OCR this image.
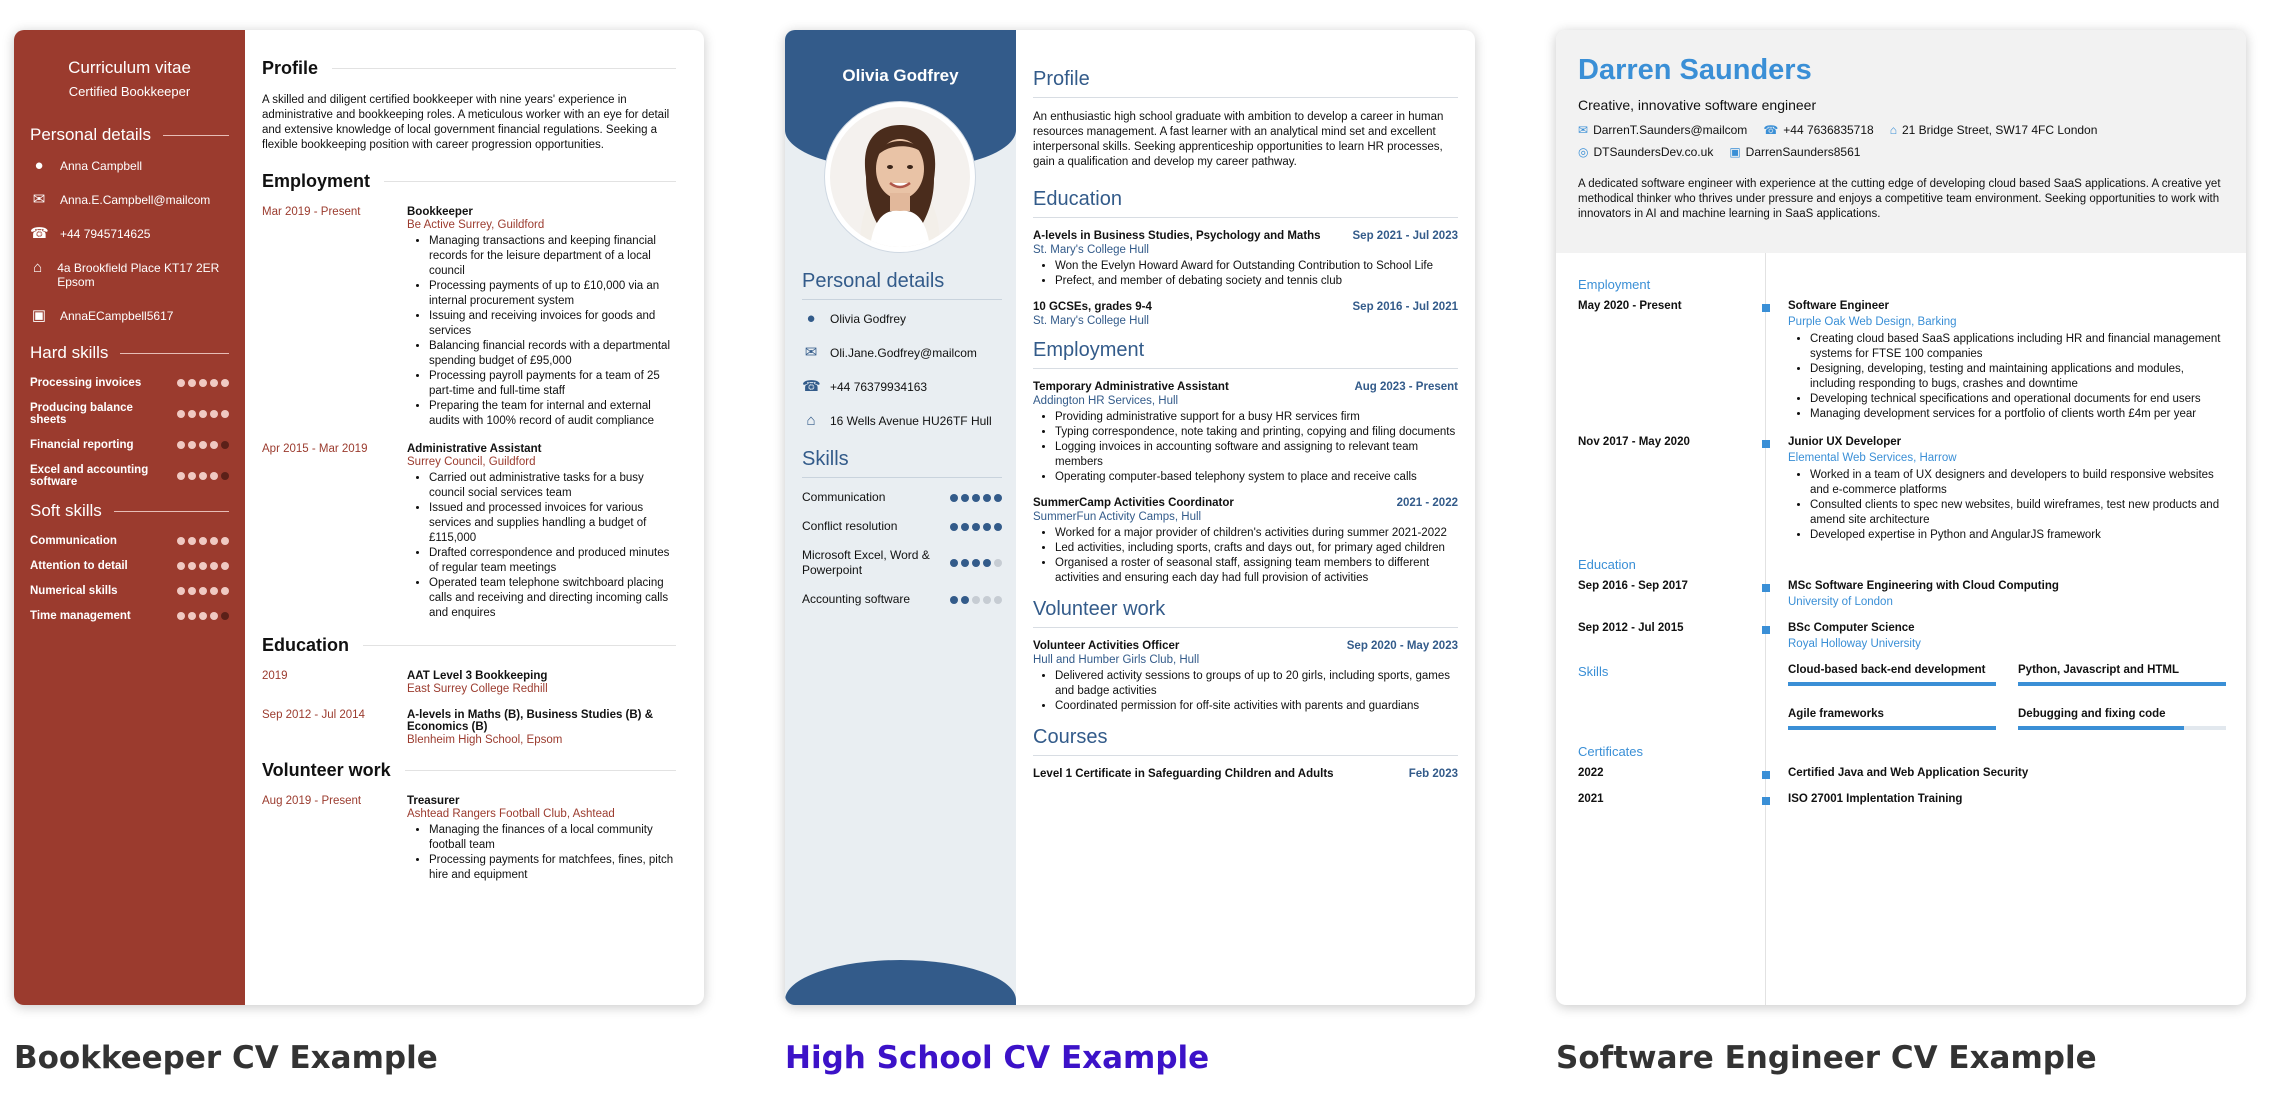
Curriculum vitae
Certified Bookkeeper
Personal details
●	Anna Campbell
✉ Anna.E.Campbell@mailcom
☎ +44 7945714625
⌂ 4a Brookfield Place KT17 2ER Epsom
▣ AnnaECampbell5617
Hard skills
Processing invoices
Producing balance sheets
Financial reporting
Excel and accounting software
Soft skills
Communication
Attention to detail
Numerical skills
Time management
Profile
A skilled and diligent certified bookkeeper with nine years' experience in administrative and bookkeeping roles. A meticulous worker with an eye for detail and extensive knowledge of local government financial regulations. Seeking a flexible bookkeeping position with career progression opportunities.
Employment
Mar 2019 - Present	Bookkeeper
Be Active Surrey, Guildford
• Managing transactions and keeping financial records for the leisure department of a local council
• Processing payments of up to £10,000 via an internal procurement system
• Issuing and receiving invoices for goods and services
• Balancing financial records with a departmental spending budget of £95,000
• Processing payroll payments for a team of 25 part-time and full-time staff
• Preparing the team for internal and external audits with 100% record of audit compliance
Apr 2015 - Mar 2019	Administrative Assistant
Surrey Council, Guildford
• Carried out administrative tasks for a busy council social services team
• Issued and processed invoices for various services and supplies handling a budget of £115,000
• Drafted correspondence and produced minutes of regular team meetings
• Operated team telephone switchboard placing calls and receiving and directing incoming calls and enquires
Education
2019	AAT Level 3 Bookkeeping
East Surrey College Redhill
Sep 2012 - Jul 2014	A-levels in Maths (B), Business Studies (B) & Economics (B)
Blenheim High School, Epsom
Volunteer work
Aug 2019 - Present	Treasurer
Ashtead Rangers Football Club, Ashtead
• Managing the finances of a local community football team
• Processing payments for matchfees, fines, pitch hire and equipment
Bookkeeper CV Example
Olivia Godfrey
Personal details
●	Olivia Godfrey
✉ Oli.Jane.Godfrey@mailcom
☎ +44 76379934163
⌂	16 Wells Avenue HU26TF Hull
Skills
Communication
Conflict resolution
Microsoft Excel, Word & Powerpoint
Accounting software
Profile
An enthusiastic high school graduate with ambition to develop a career in human resources management. A fast learner with an analytical mind set and excellent interpersonal skills. Seeking apprenticeship opportunities to learn HR processes, gain a qualification and develop my career pathway.
Education
A-levels in Business Studies, Psychology and Maths	Sep 2021 - Jul 2023
St. Mary's College Hull
• Won the Evelyn Howard Award for Outstanding Contribution to School Life
• Prefect, and member of debating society and tennis club
10 GCSEs, grades 9-4	Sep 2016 - Jul 2021
St. Mary's College Hull
Employment
Temporary Administrative Assistant	Aug 2023 - Present
Addington HR Services, Hull
• Providing administrative support for a busy HR services firm
• Typing correspondence, note taking and printing, copying and filing documents
• Logging invoices in accounting software and assigning to relevant team members
• Operating computer-based telephony system to place and receive calls
SummerCamp Activities Coordinator	2021 - 2022
SummerFun Activity Camps, Hull
• Worked for a major provider of children's activities during summer 2021-2022
• Led activities, including sports, crafts and days out, for primary aged children
• Organised a roster of seasonal staff, assigning team members to different activities and ensuring each day had full provision of activities
Volunteer work
Volunteer Activities Officer	Sep 2020 - May 2023
Hull and Humber Girls Club, Hull
• Delivered activity sessions to groups of up to 20 girls, including sports, games and badge activities
• Coordinated permission for off-site activities with parents and guardians
Courses
Level 1 Certificate in Safeguarding Children and Adults	Feb 2023
High School CV Example
Darren Saunders
Creative, innovative software engineer
✉ DarrenT.Saunders@mailcom ☎ +44 7636835718 ⌂ 21 Bridge Street, SW17 4FC London
◎ DTSaundersDev.co.uk ▣ DarrenSaunders8561
A dedicated software engineer with experience at the cutting edge of developing cloud based SaaS applications. A creative yet methodical thinker who thrives under pressure and enjoys a competitive team environment. Seeking opportunities to work with innovators in AI and machine learning in SaaS applications.
Employment
May 2020 - Present	Software Engineer
Purple Oak Web Design, Barking
• Creating cloud based SaaS applications including HR and financial management systems for FTSE 100 companies
• Designing, developing, testing and maintaining applications and modules, including responding to bugs, crashes and downtime
• Developing technical specifications and operational documents for end users
• Managing development services for a portfolio of clients worth £4m per year
Nov 2017 - May 2020	Junior UX Developer
Elemental Web Services, Harrow
• Worked in a team of UX designers and developers to build responsive websites and e-commerce platforms
• Consulted clients to spec new websites, build wireframes, test new products and amend site architecture
• Developed expertise in Python and AngularJS framework
Education
Sep 2016 - Sep 2017	MSc Software Engineering with Cloud Computing
University of London
Sep 2012 - Jul 2015	BSc Computer Science
Royal Holloway University
Skills	Cloud-based back-end development	Python, Javascript and HTML
Agile frameworks	Debugging and fixing code
Certificates
2022	Certified Java and Web Application Security
2021	ISO 27001 Implentation Training
Software Engineer CV Example
